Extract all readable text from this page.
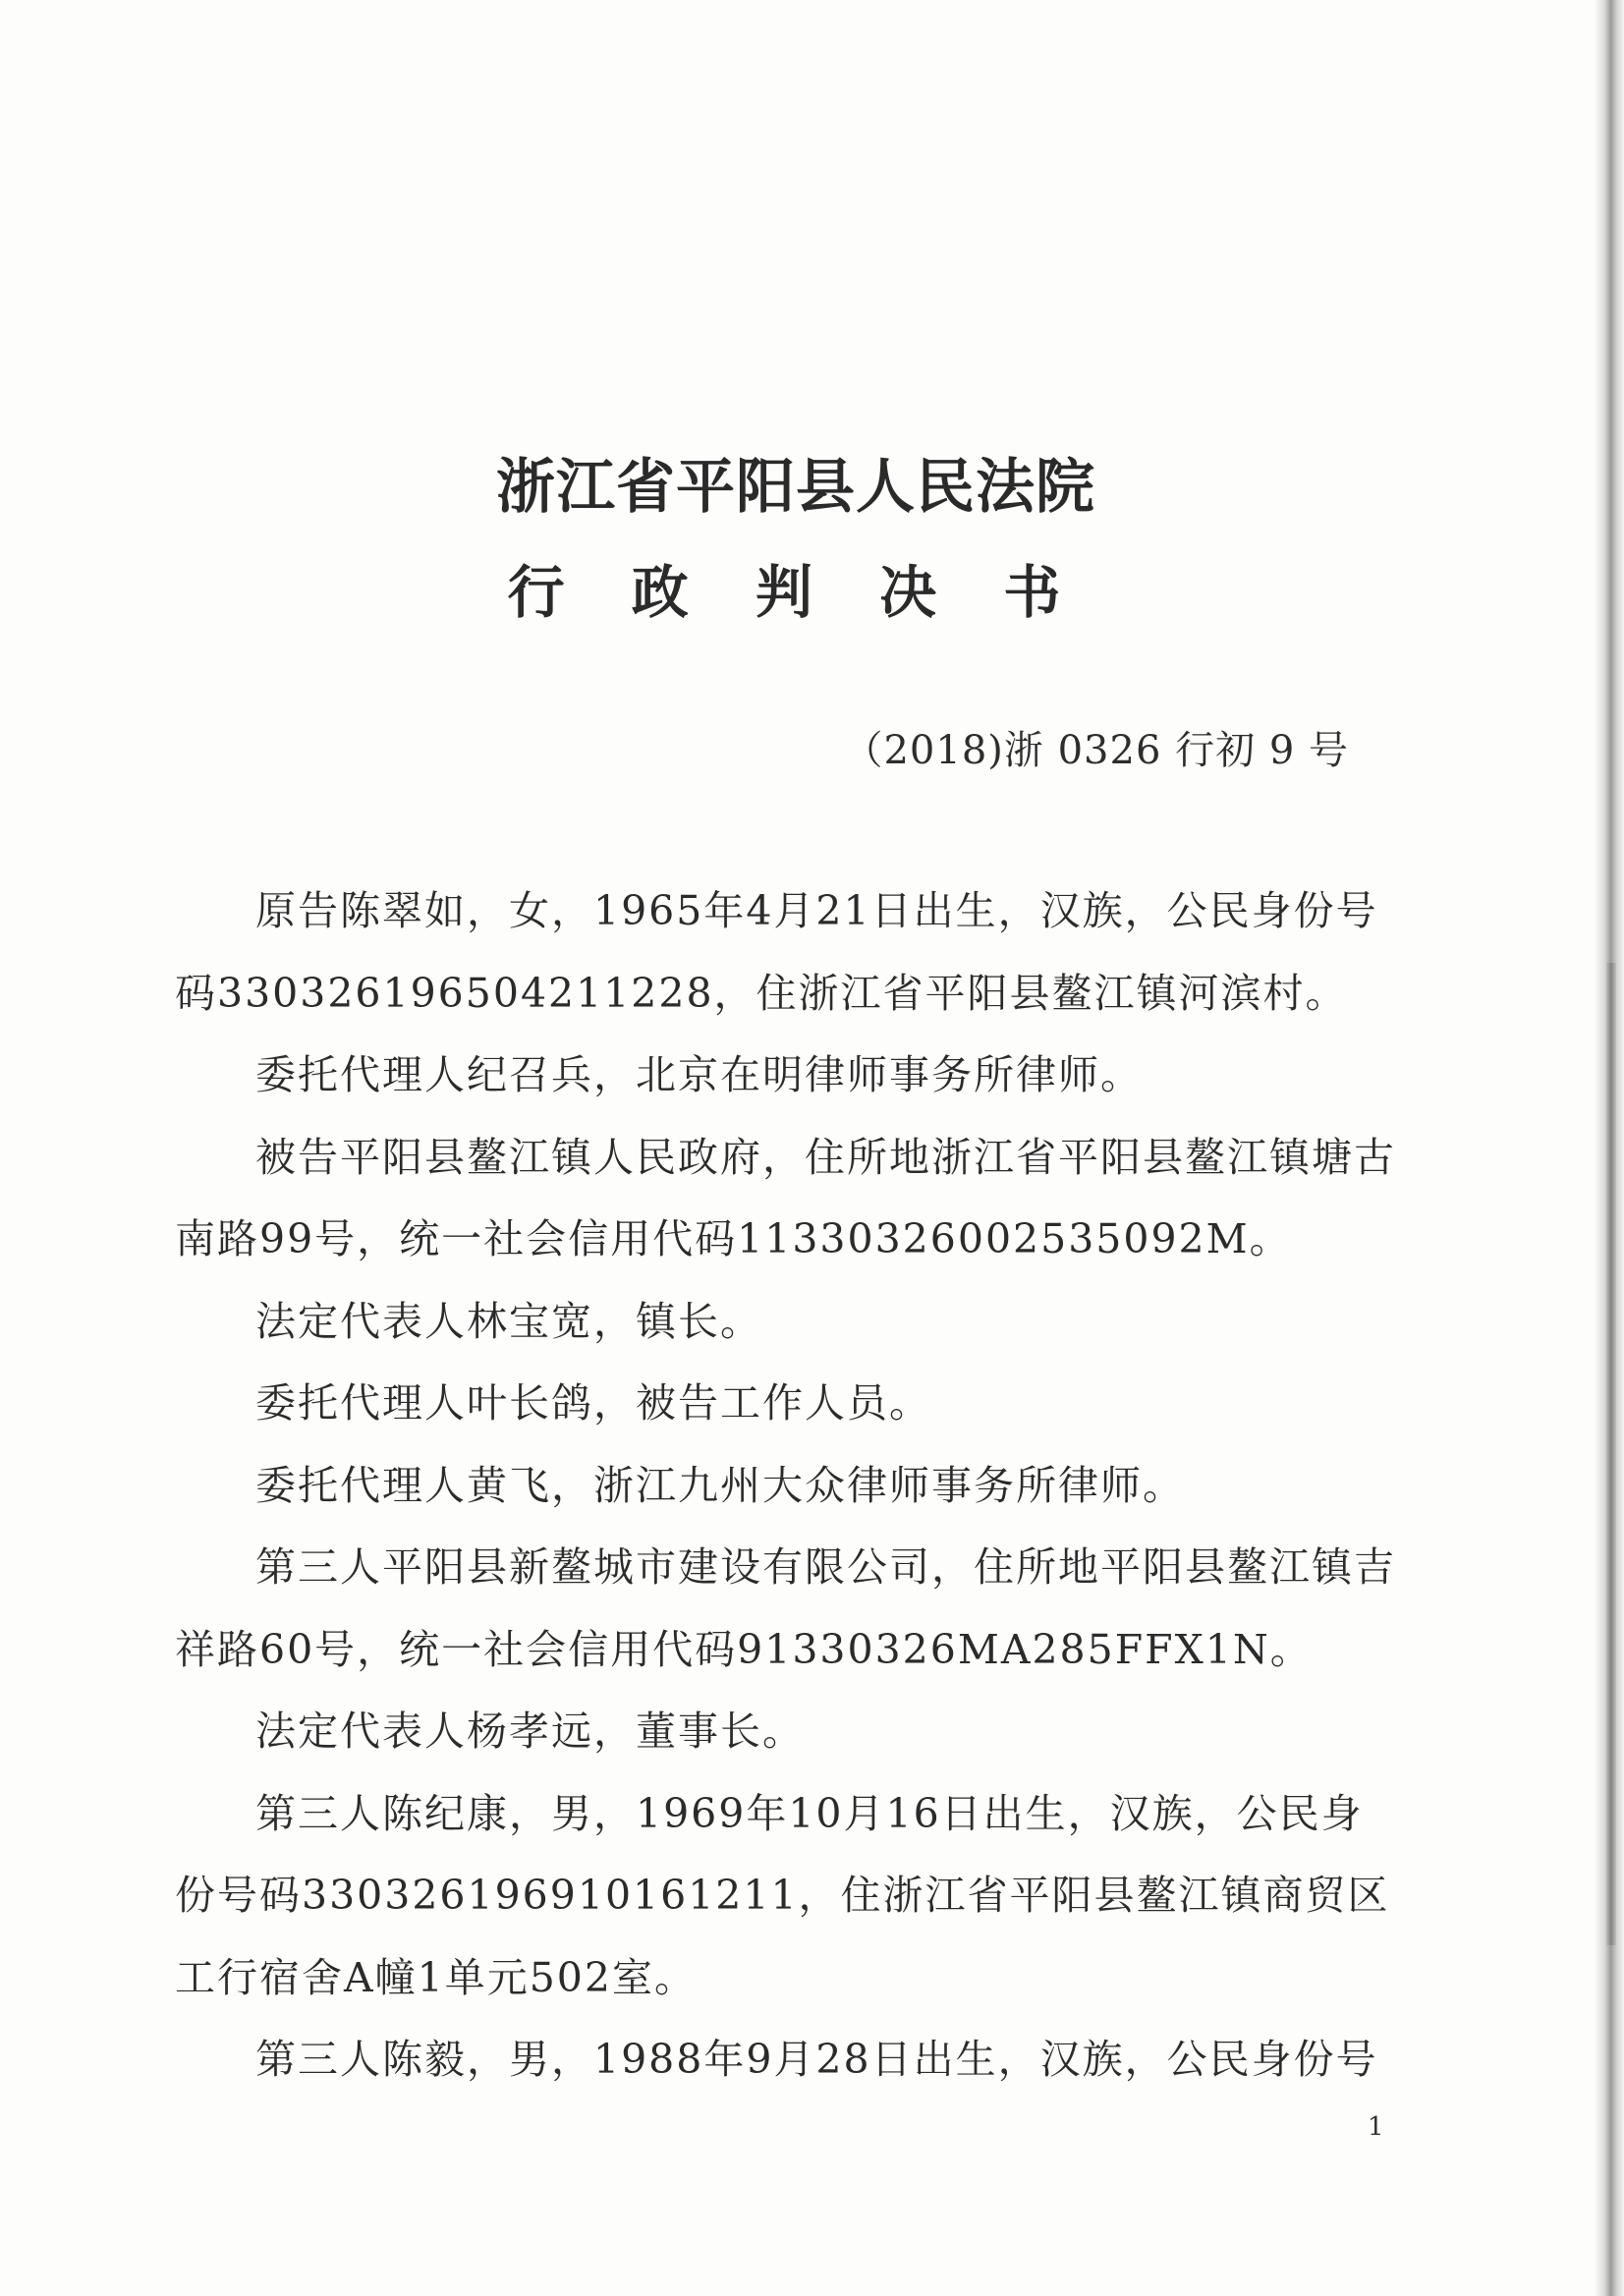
浙江省平阳县人民法院
行 政 判 决 书
（2018)浙 0326 行初 9 号

原告陈翠如，女，1965年4月21日出生，汉族，公民身份号码330326196504211228，住浙江省平阳县鳌江镇河滨村。

委托代理人纪召兵，北京在明律师事务所律师。

被告平阳县鳌江镇人民政府，住所地浙江省平阳县鳌江镇塘古南路99号，统一社会信用代码11330326002535092M。

法定代表人林宝宽，镇长。

委托代理人叶长鸽，被告工作人员。

委托代理人黄飞，浙江九州大众律师事务所律师。

第三人平阳县新鳌城市建设有限公司，住所地平阳县鳌江镇吉祥路60号，统一社会信用代码91330326MA285FFX1N。

法定代表人杨孝远，董事长。

第三人陈纪康，男，1969年10月16日出生，汉族，公民身份号码330326196910161211，住浙江省平阳县鳌江镇商贸区工行宿舍A幢1单元502室。

第三人陈毅，男，1988年9月28日出生，汉族，公民身份号

1
